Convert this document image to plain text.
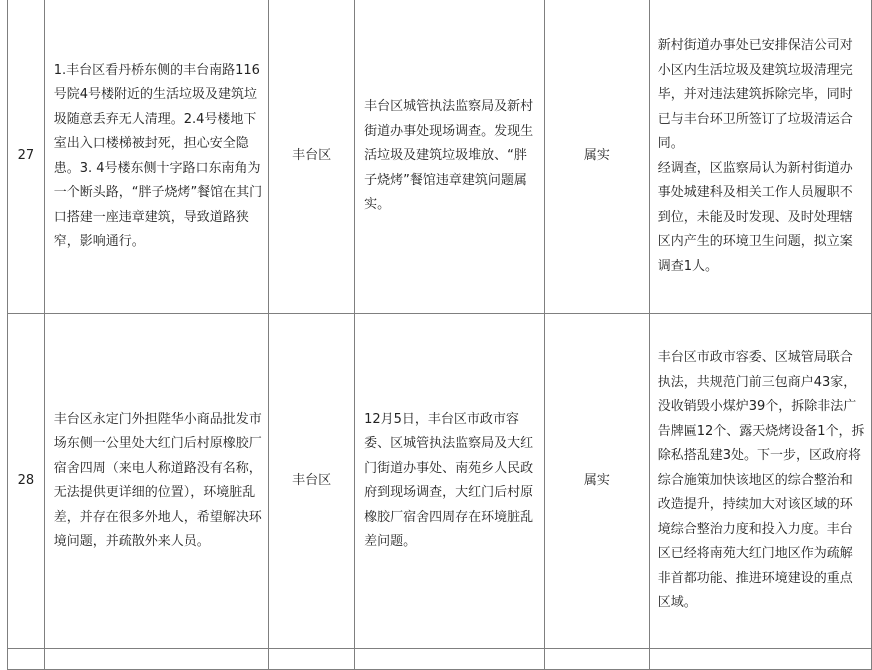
27	1.丰台区看丹桥东侧的丰台南路116号院4号楼附近的生活垃圾及建筑垃圾随意丢弃无人清理。2.4号楼地下室出入口楼梯被封死，担心安全隐患。3. 4号楼东侧十字路口东南角为一个断头路，“胖子烧烤”餐馆在其门口搭建一座违章建筑，导致道路狭窄，影响通行。	丰台区	丰台区城管执法监察局及新村街道办事处现场调查。发现生活垃圾及建筑垃圾堆放、“胖子烧烤”餐馆违章建筑问题属实。	属实	新村街道办事处已安排保洁公司对小区内生活垃圾及建筑垃圾清理完毕，并对违法建筑拆除完毕，同时已与丰台环卫所签订了垃圾清运合同。
经调查，区监察局认为新村街道办事处城建科及相关工作人员履职不到位，未能及时发现、及时处理辖区内产生的环境卫生问题，拟立案调查1人。

28	丰台区永定门外担陛华小商品批发市场东侧一公里处大红门后村原橡胶厂宿舍四周（来电人称道路没有名称，无法提供更详细的位置），环境脏乱差，并存在很多外地人，希望解决环境问题，并疏散外来人员。	丰台区	12月5日，丰台区市政市容委、区城管执法监察局及大红门街道办事处、南苑乡人民政府到现场调查，大红门后村原橡胶厂宿舍四周存在环境脏乱差问题。	属实	丰台区市政市容委、区城管局联合执法，共规范门前三包商户43家，没收销毁小煤炉39个，拆除非法广告牌匾12个、露天烧烤设备1个，拆除私搭乱建3处。下一步，区政府将综合施策加快该地区的综合整治和改造提升，持续加大对该区域的环境综合整治力度和投入力度。丰台区已经将南苑大红门地区作为疏解非首都功能、推进环境建设的重点区域。
